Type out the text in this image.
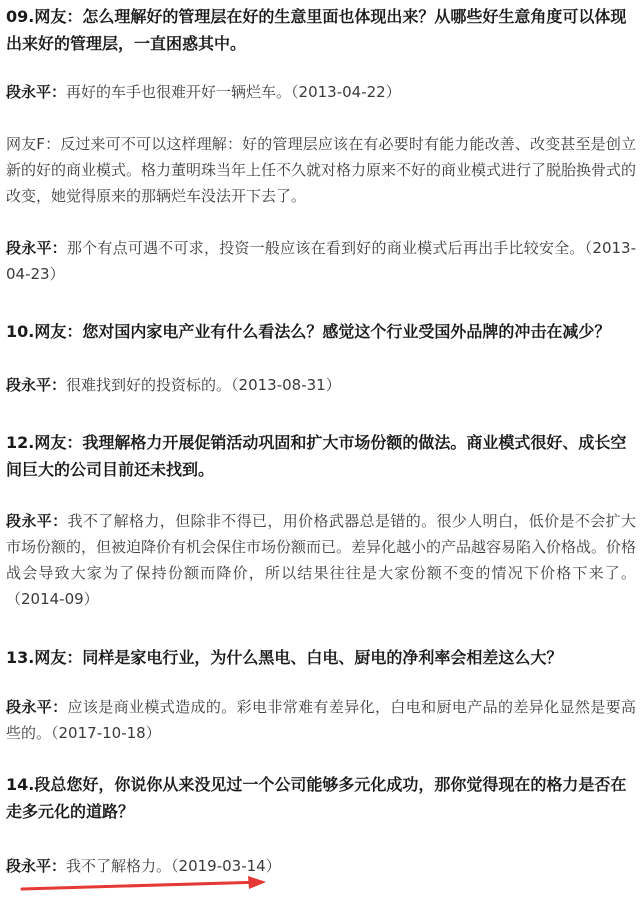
09.网友：怎么理解好的管理层在好的生意里面也体现出来？从哪些好生意角度可以体现出来好的管理层，一直困惑其中。

段永平：再好的车手也很难开好一辆烂车。（2013-04-22）

网友F：反过来可不可以这样理解：好的管理层应该在有必要时有能力能改善、改变甚至是创立新的好的商业模式。格力董明珠当年上任不久就对格力原来不好的商业模式进行了脱胎换骨式的改变，她觉得原来的那辆烂车没法开下去了。

段永平：那个有点可遇不可求，投资一般应该在看到好的商业模式后再出手比较安全。（2013-04-23）

10.网友：您对国内家电产业有什么看法么？感觉这个行业受国外品牌的冲击在减少？

段永平：很难找到好的投资标的。（2013-08-31）

12.网友：我理解格力开展促销活动巩固和扩大市场份额的做法。商业模式很好、成长空间巨大的公司目前还未找到。

段永平：我不了解格力，但除非不得已，用价格武器总是错的。很少人明白，低价是不会扩大市场份额的，但被迫降价有机会保住市场份额而已。差异化越小的产品越容易陷入价格战。价格战会导致大家为了保持份额而降价，所以结果往往是大家份额不变的情况下价格下来了。（2014-09）

13.网友：同样是家电行业，为什么黑电、白电、厨电的净利率会相差这么大？

段永平：应该是商业模式造成的。彩电非常难有差异化，白电和厨电产品的差异化显然是要高些的。（2017-10-18）

14.段总您好，你说你从来没见过一个公司能够多元化成功，那你觉得现在的格力是否在走多元化的道路？

段永平：我不了解格力。（2019-03-14）
